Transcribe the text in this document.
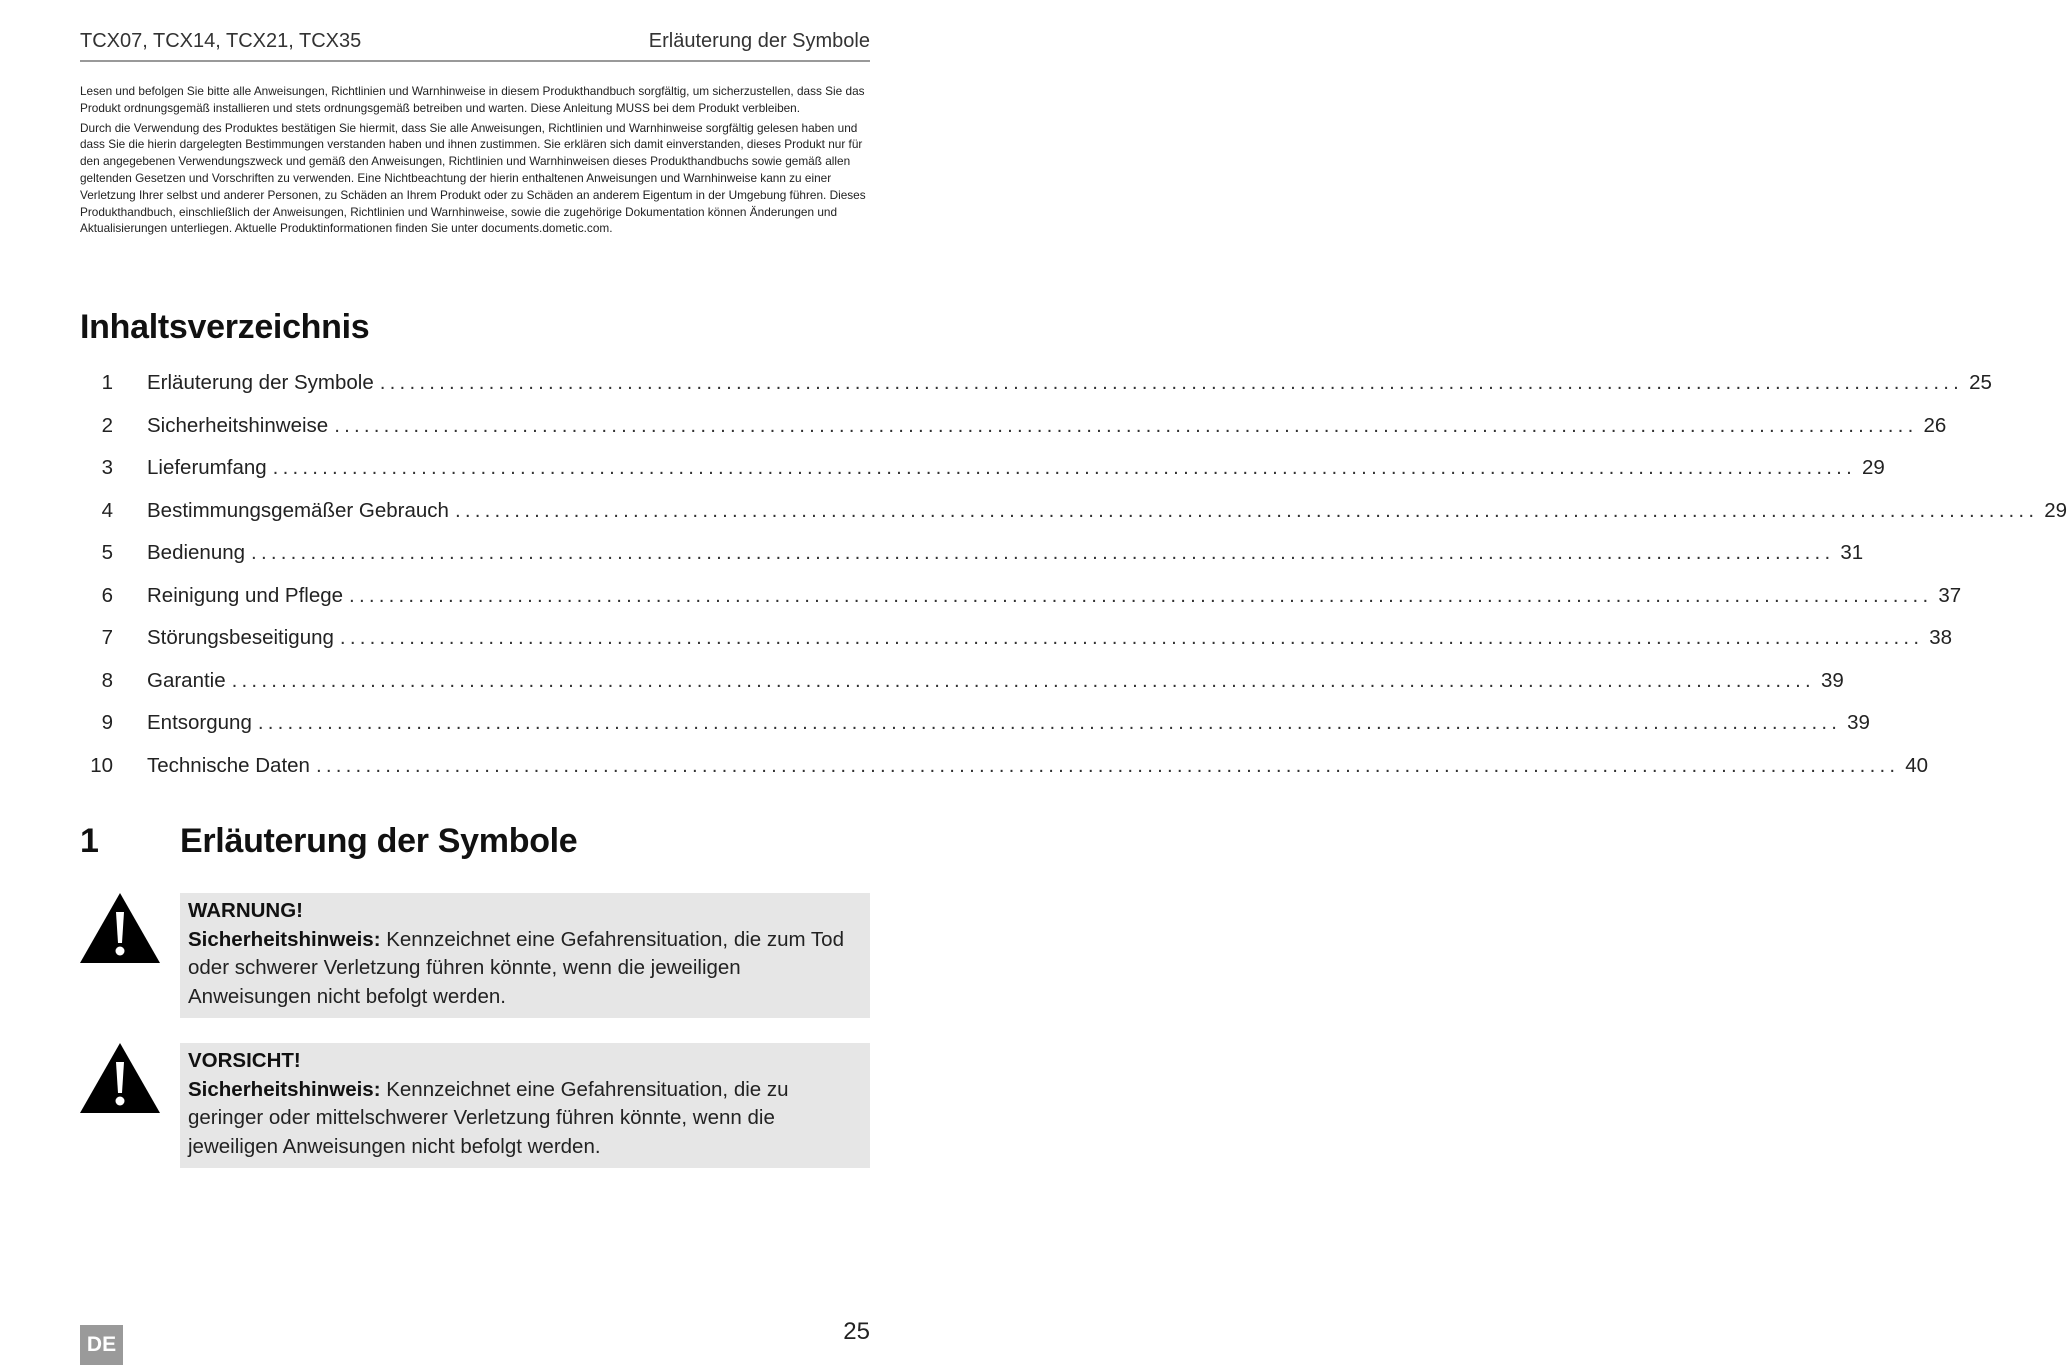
TCX07, TCX14, TCX21, TCX35	Erläuterung der Symbole

Lesen und befolgen Sie bitte alle Anweisungen, Richtlinien und Warnhinweise in diesem Produkthandbuch sorgfältig, um sicherzustellen, dass Sie das Produkt ordnungsgemäß installieren und stets ordnungsgemäß betreiben und warten. Diese Anleitung MUSS bei dem Produkt verbleiben.

Durch die Verwendung des Produktes bestätigen Sie hiermit, dass Sie alle Anweisungen, Richtlinien und Warnhinweise sorgfältig gelesen haben und dass Sie die hierin dargelegten Bestimmungen verstanden haben und ihnen zustimmen. Sie erklären sich damit einverstanden, dieses Produkt nur für den angegebenen Verwendungszweck und gemäß den Anweisungen, Richtlinien und Warnhinweisen dieses Produkthandbuchs sowie gemäß allen geltenden Gesetzen und Vorschriften zu verwenden. Eine Nichtbeachtung der hierin enthaltenen Anweisungen und Warnhinweise kann zu einer Verletzung Ihrer selbst und anderer Personen, zu Schäden an Ihrem Produkt oder zu Schäden an anderem Eigentum in der Umgebung führen. Dieses Produkthandbuch, einschließlich der Anweisungen, Richtlinien und Warnhinweise, sowie die zugehörige Dokumentation können Änderungen und Aktualisierungen unterliegen. Aktuelle Produktinformationen finden Sie unter documents.dometic.com.

Inhaltsverzeichnis
1 Erläuterung der Symbole ................................................................................................................................................................ 25
2 Sicherheitshinweise ................................................................................................................................................................ 26
3 Lieferumfang ................................................................................................................................................................ 29
4 Bestimmungsgemäßer Gebrauch ................................................................................................................................................................ 29
5 Bedienung ................................................................................................................................................................ 31
6 Reinigung und Pflege ................................................................................................................................................................ 37
7 Störungsbeseitigung ................................................................................................................................................................ 38
8 Garantie ................................................................................................................................................................ 39
9 Entsorgung ................................................................................................................................................................ 39
10 Technische Daten ................................................................................................................................................................ 40
1	Erläuterung der Symbole
WARNUNG!
Sicherheitshinweis: Kennzeichnet eine Gefahrensituation, die zum Tod oder schwerer Verletzung führen könnte, wenn die jeweiligen Anweisungen nicht befolgt werden.
VORSICHT!
Sicherheitshinweis: Kennzeichnet eine Gefahrensituation, die zu geringer oder mittelschwerer Verletzung führen könnte, wenn die jeweiligen Anweisungen nicht befolgt werden.
DE	25
